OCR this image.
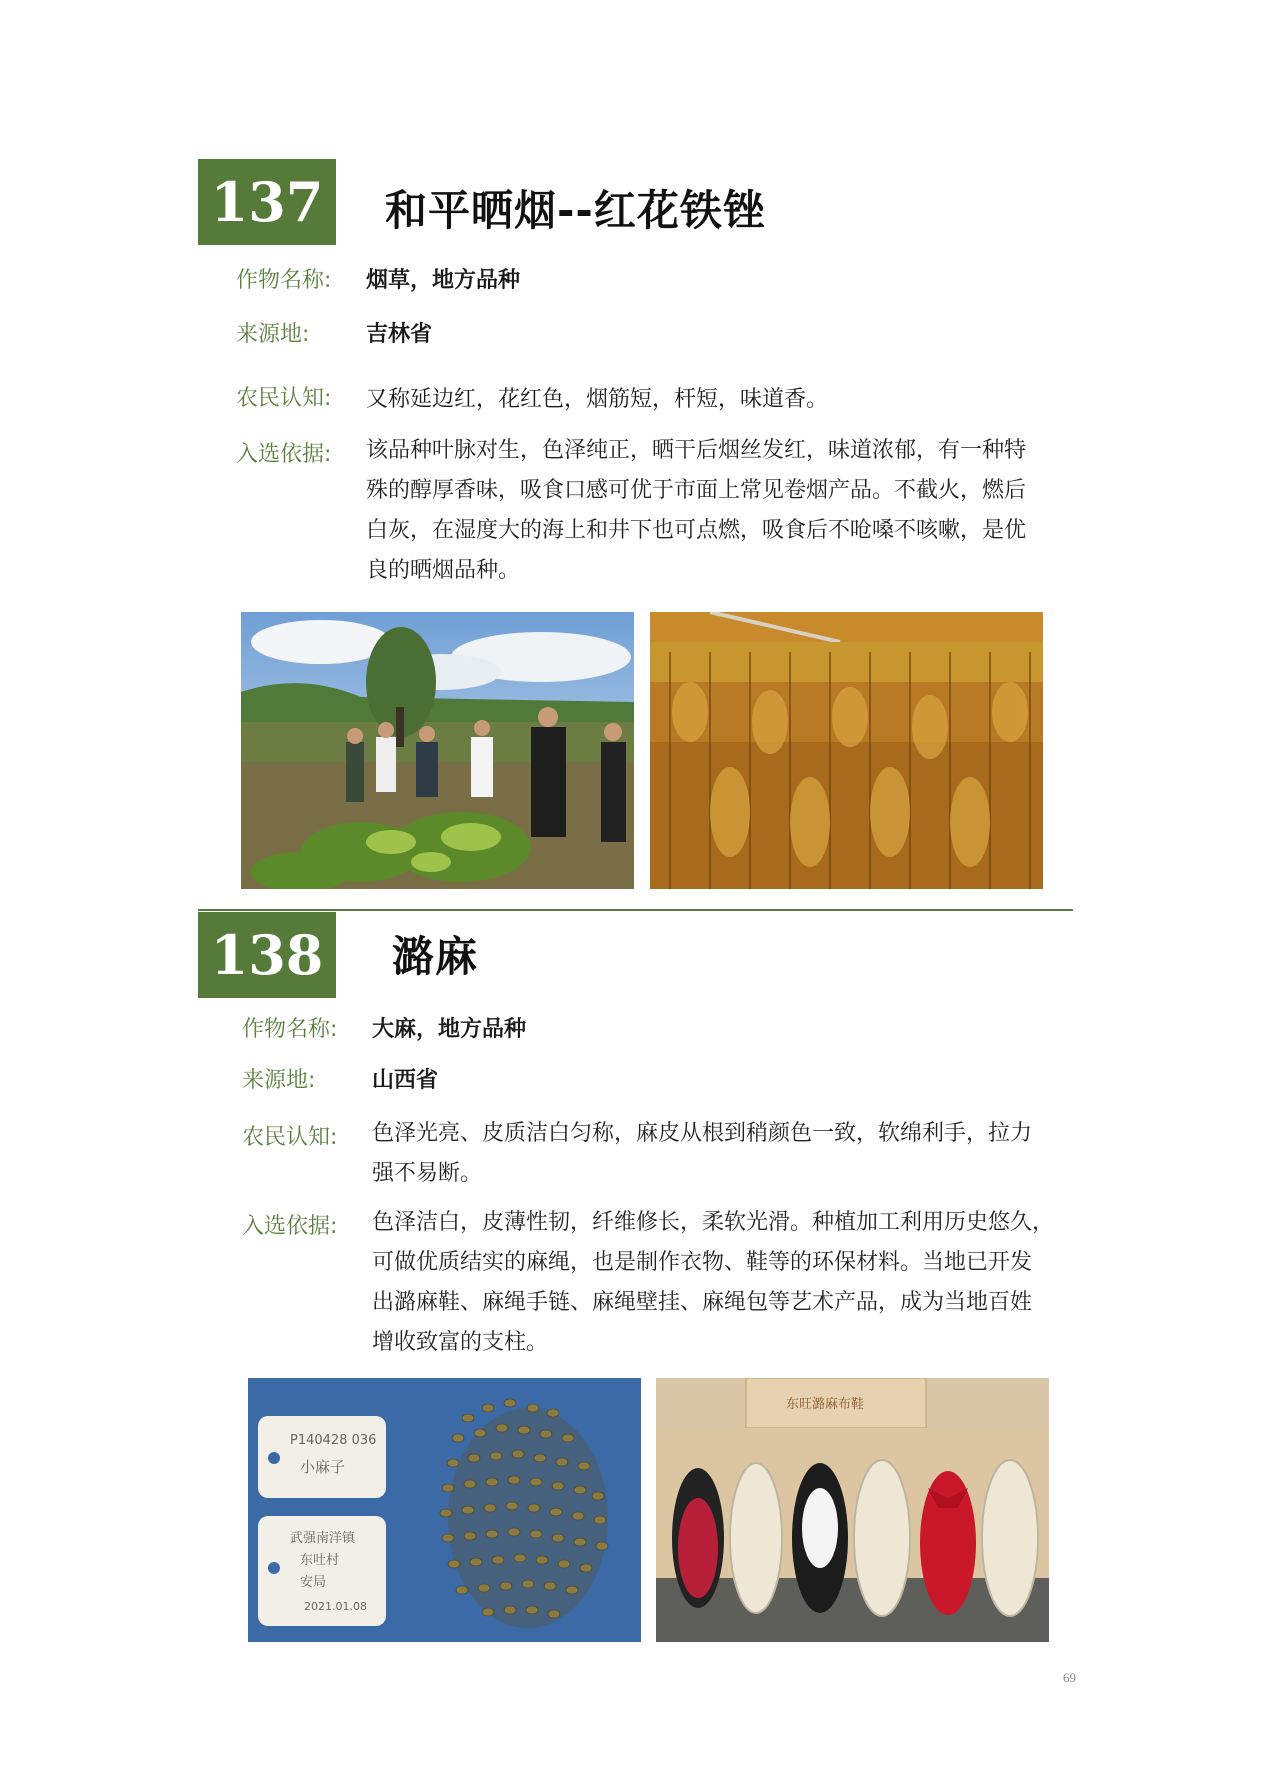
137	和平晒烟--红花铁锉
作物名称: 烟草，地方品种
来源地:	吉林省
农民认知: 又称延边红，花红色，烟筋短，杆短，味道香。
入选依据: 该品种叶脉对生，色泽纯正，晒干后烟丝发红，味道浓郁，有一种特
殊的醇厚香味，吸食口感可优于市面上常见卷烟产品。不截火，燃后
白灰，在湿度大的海上和井下也可点燃，吸食后不呛嗓不咳嗽，是优
良的晒烟品种。
138	潞麻
作物名称: 大麻，地方品种
来源地:	山西省
农民认知: 色泽光亮、皮质洁白匀称，麻皮从根到稍颜色一致，软绵利手，拉力
强不易断。
入选依据: 色泽洁白，皮薄性韧，纤维修长，柔软光滑。种植加工利用历史悠久，
可做优质结实的麻绳，也是制作衣物、鞋等的环保材料。当地已开发
出潞麻鞋、麻绳手链、麻绳壁挂、麻绳包等艺术产品，成为当地百姓
增收致富的支柱。
P140428 036
小麻子
武强南洋镇
东吐村
安局
2021.01.08
东旺潞麻布鞋
69
